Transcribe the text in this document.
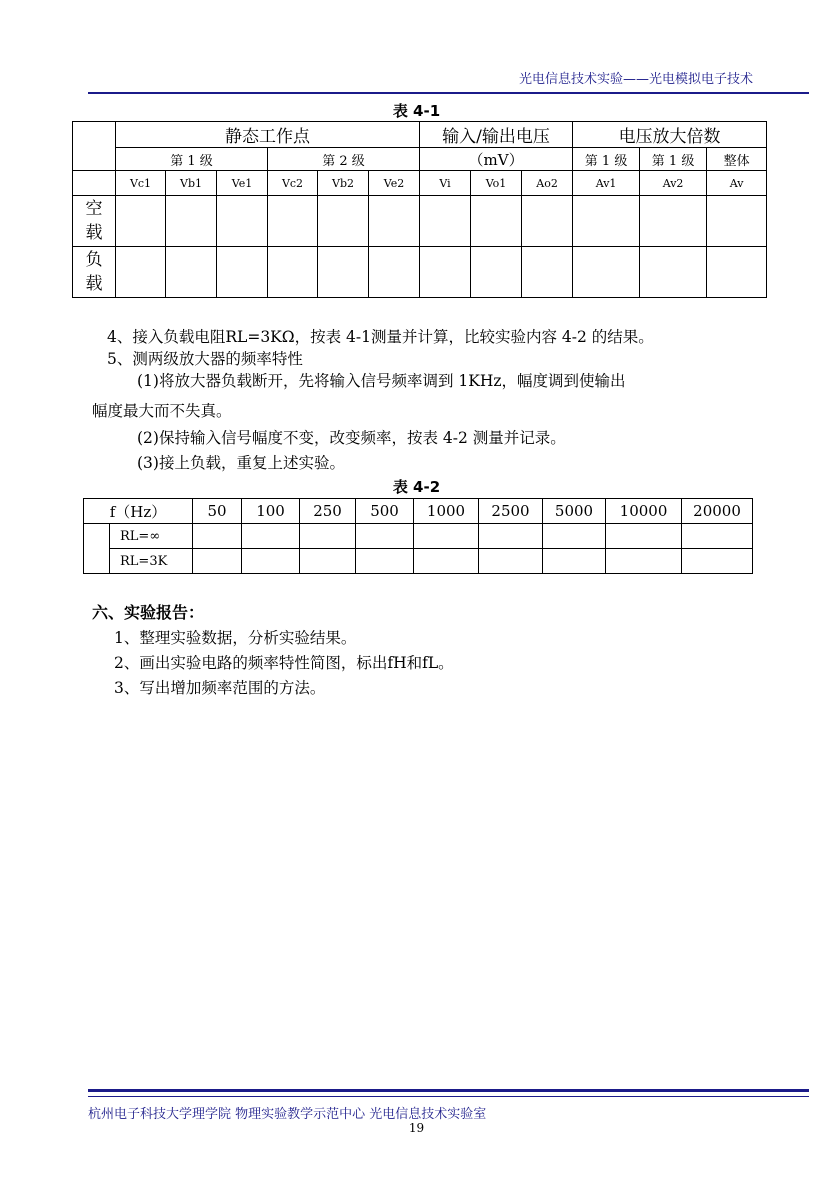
光电信息技术实验——光电模拟电子技术
表 4-1
	静态工作点						输入/输出电压			电压放大倍数		
	第 1 级			第 2 级			（mV）			第 1 级	第 1 级	整体
	Vc1	Vb1	Ve1	Vc2	Vb2	Ve2	Vi	Vo1	Ao2	Av1	Av2	Av
空载												
负载												
4、接入负载电阻RL=3KΩ，按表 4-1测量并计算，比较实验内容 4-2 的结果。
5、测两级放大器的频率特性
(1)将放大器负载断开，先将输入信号频率调到 1KHz，幅度调到使输出
幅度最大而不失真。
(2)保持输入信号幅度不变，改变频率，按表 4-2 测量并记录。
(3)接上负载，重复上述实验。
表 4-2
f（Hz）		50	100	250	500	1000	2500	5000	10000	20000
	RL=∞									
	RL=3K									
六、实验报告：
1、整理实验数据，分析实验结果。
2、画出实验电路的频率特性简图，标出fH和fL。
3、写出增加频率范围的方法。
杭州电子科技大学理学院 物理实验教学示范中心 光电信息技术实验室
19
